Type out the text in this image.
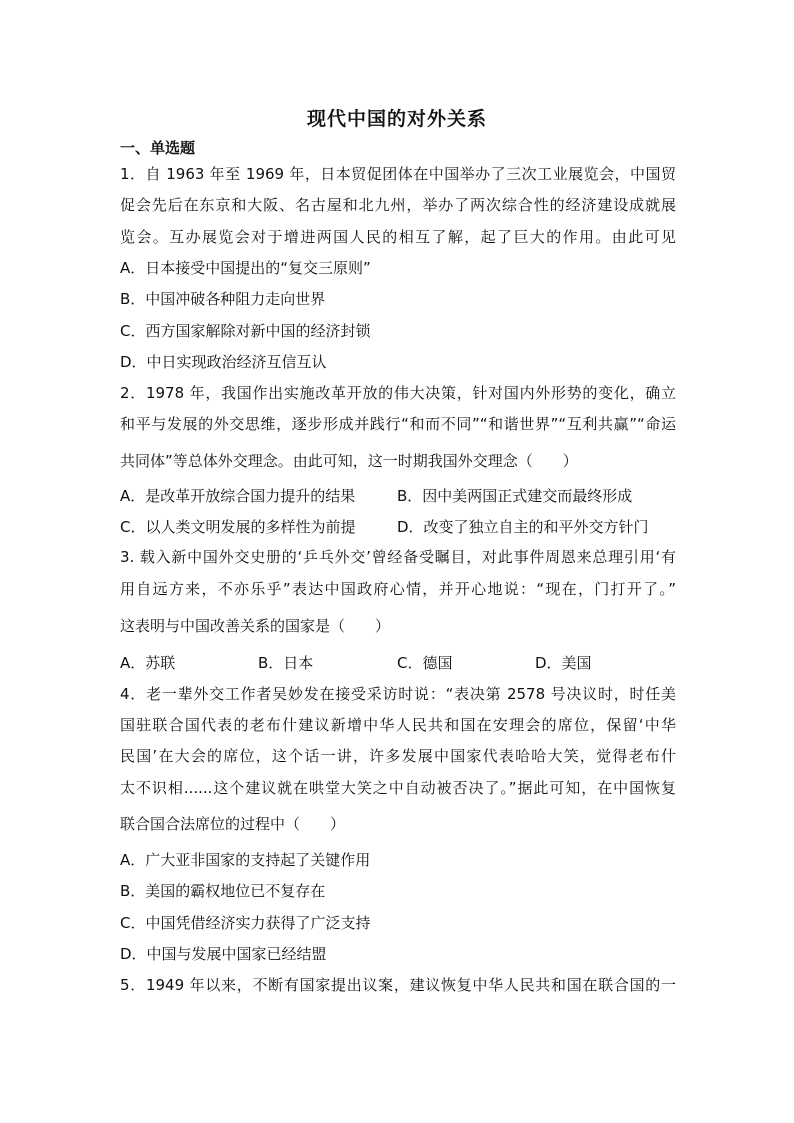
现代中国的对外关系
一、单选题
1．自 1963 年至 1969 年，日本贸促团体在中国举办了三次工业展览会，中国贸
促会先后在东京和大阪、名古屋和北九州，举办了两次综合性的经济建设成就展
览会。互办展览会对于增进两国人民的相互了解，起了巨大的作用。由此可见
A．日本接受中国提出的“复交三原则”
B．中国冲破各种阻力走向世界
C．西方国家解除对新中国的经济封锁
D．中日实现政治经济互信互认
2．1978 年，我国作出实施改革开放的伟大决策，针对国内外形势的变化，确立
和平与发展的外交思维，逐步形成并践行“和而不同”“和谐世界”“互利共赢”“命运
共同体”等总体外交理念。由此可知，这一时期我国外交理念（　　）
A．是改革开放综合国力提升的结果	B．因中美两国正式建交而最终形成
C．以人类文明发展的多样性为前提	D．改变了独立自主的和平外交方针门
3. 载入新中国外交史册的‘乒乓外交’曾经备受瞩目，对此事件周恩来总理引用‘有
用自远方来，不亦乐乎”表达中国政府心情，并开心地说：“现在，门打开了。”
这表明与中国改善关系的国家是（　　）
A．苏联	B．日本	C．德国	D．美国
4．老一辈外交工作者吴妙发在接受采访时说：“表决第 2578 号决议时，时任美
国驻联合国代表的老布什建议新增中华人民共和国在安理会的席位，保留‘中华
民国’在大会的席位，这个话一讲，许多发展中国家代表哈哈大笑，觉得老布什
太不识相......这个建议就在哄堂大笑之中自动被否决了。”据此可知，在中国恢复
联合国合法席位的过程中（　　）
A．广大亚非国家的支持起了关键作用
B．美国的霸权地位已不复存在
C．中国凭借经济实力获得了广泛支持
D．中国与发展中国家已经结盟
5．1949 年以来，不断有国家提出议案，建议恢复中华人民共和国在联合国的一
